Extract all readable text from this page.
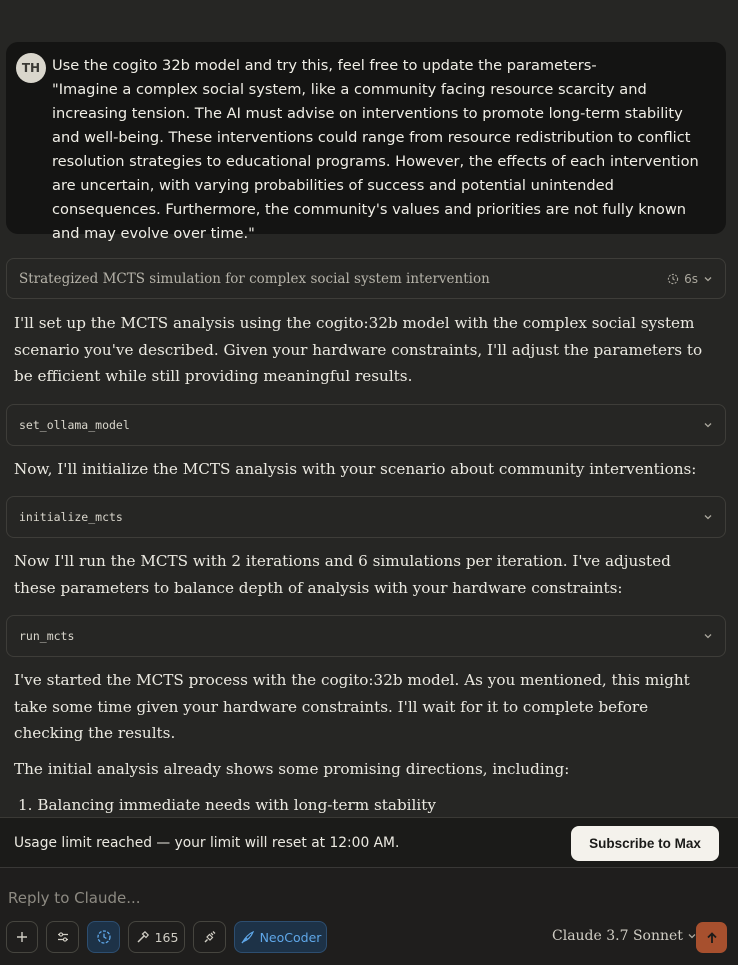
TH Use the cogito 32b model and try this, feel free to update the parameters-
"Imagine a complex social system, like a community facing resource scarcity and increasing tension. The AI must advise on interventions to promote long-term stability and well-being. These interventions could range from resource redistribution to conflict resolution strategies to educational programs. However, the effects of each intervention are uncertain, with varying probabilities of success and potential unintended consequences. Furthermore, the community's values and priorities are not fully known and may evolve over time."
Strategized MCTS simulation for complex social system intervention	6s
I'll set up the MCTS analysis using the cogito:32b model with the complex social system scenario you've described. Given your hardware constraints, I'll adjust the parameters to be efficient while still providing meaningful results.
set_ollama_model
Now, I'll initialize the MCTS analysis with your scenario about community interventions:
initialize_mcts
Now I'll run the MCTS with 2 iterations and 6 simulations per iteration. I've adjusted these parameters to balance depth of analysis with your hardware constraints:
run_mcts
I've started the MCTS process with the cogito:32b model. As you mentioned, this might take some time given your hardware constraints. I'll wait for it to complete before checking the results.
The initial analysis already shows some promising directions, including:
1. Balancing immediate needs with long-term stability
Usage limit reached — your limit will reset at 12:00 AM.	Subscribe to Max
Reply to Claude...
165	NeoCoder	Claude 3.7 Sonnet
